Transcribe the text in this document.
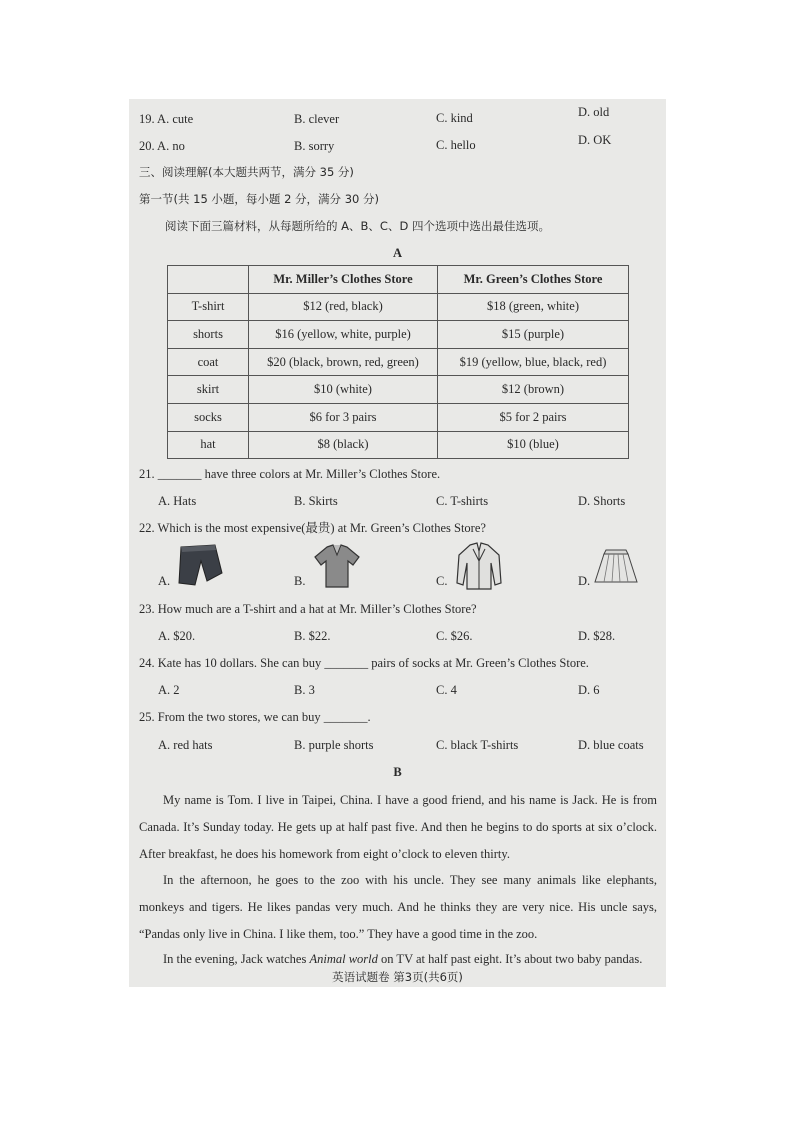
19. A. cute	B. clever	C. kind	D. old
20. A. no	B. sorry	C. hello	D. OK
三、阅读理解(本大题共两节，满分 35 分)
第一节(共 15 小题，每小题 2 分，满分 30 分)
阅读下面三篇材料，从每题所给的 A、B、C、D 四个选项中选出最佳选项。
A
	Mr. Miller’s Clothes Store	Mr. Green’s Clothes Store
T-shirt	$12 (red, black)	$18 (green, white)
shorts	$16 (yellow, white, purple)	$15 (purple)
coat	$20 (black, brown, red, green)	$19 (yellow, blue, black, red)
skirt	$10 (white)	$12 (brown)
socks	$6 for 3 pairs	$5 for 2 pairs
hat	$8 (black)	$10 (blue)
21. _______ have three colors at Mr. Miller’s Clothes Store.
A. Hats	B. Skirts	C. T-shirts	D. Shorts
22. Which is the most expensive(最贵) at Mr. Green’s Clothes Store?
A.	B.	C.	D.
23. How much are a T-shirt and a hat at Mr. Miller’s Clothes Store?
A. $20.	B. $22.	C. $26.	D. $28.
24. Kate has 10 dollars. She can buy _______ pairs of socks at Mr. Green’s Clothes Store.
A. 2	B. 3	C. 4	D. 6
25. From the two stores, we can buy _______.
A. red hats	B. purple shorts	C. black T-shirts	D. blue coats
B
My name is Tom. I live in Taipei, China. I have a good friend, and his name is Jack. He is from
Canada. It’s Sunday today. He gets up at half past five. And then he begins to do sports at six o’clock.
After breakfast, he does his homework from eight o’clock to eleven thirty.
In the afternoon, he goes to the zoo with his uncle. They see many animals like elephants,
monkeys and tigers. He likes pandas very much. And he thinks they are very nice. His uncle says,
“Pandas only live in China. I like them, too.” They have a good time in the zoo.
In the evening, Jack watches Animal world on TV at half past eight. It’s about two baby pandas.
英语试题卷 第3页(共6页)
